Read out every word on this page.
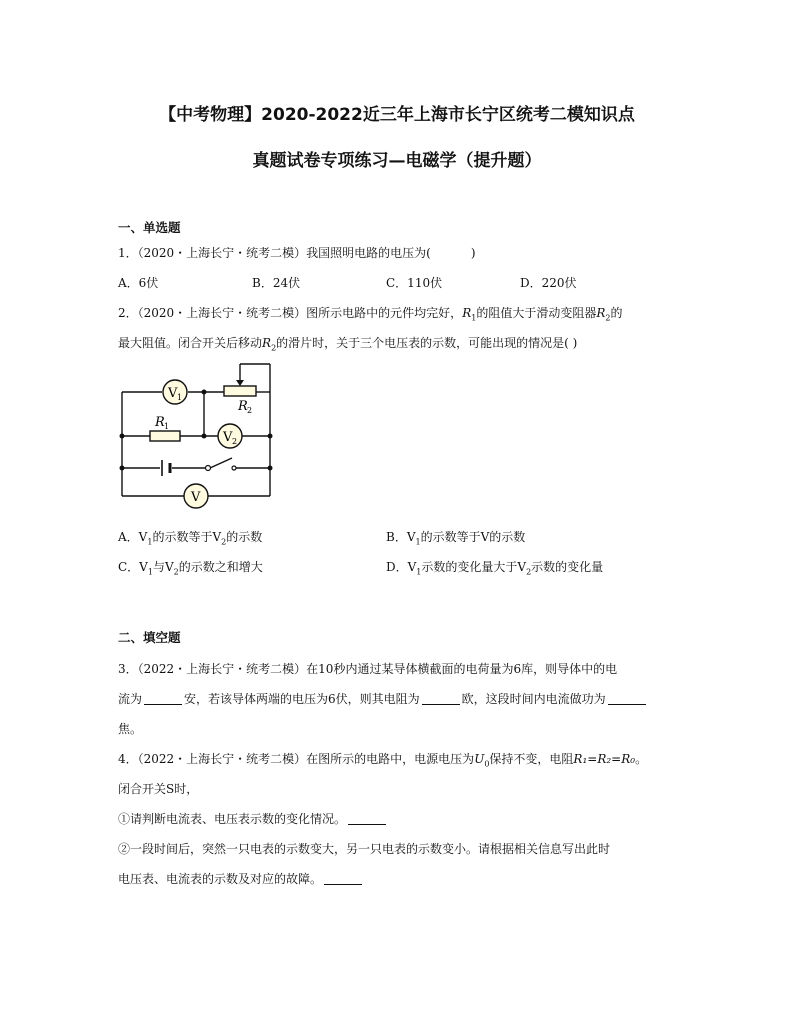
【中考物理】2020-2022近三年上海市长宁区统考二模知识点
真题试卷专项练习—电磁学（提升题）
一、单选题
1．（2020・上海长宁・统考二模）我国照明电路的电压为(	)
A．6伏	B．24伏	C．110伏	D．220伏
2．（2020・上海长宁・统考二模）图所示电路中的元件均完好，$R_1$的阻值大于滑动变阻器$R_2$的
最大阻值。闭合开关后移动$R_2$的滑片时，关于三个电压表的示数，可能出现的情况是( )
V 1
V 2
V
R 1
R 2
A．$V_1$的示数等于$V_2$的示数	B．$V_1$的示数等于V的示数
C．$V_1$与$V_2$的示数之和增大	D．$V_1$示数的变化量大于$V_2$示数的变化量
二、填空题
3．（2022・上海长宁・统考二模）在10秒内通过某导体横截面的电荷量为6库，则导体中的电
流为	安，若该导体两端的电压为6伏，则其电阻为	欧，这段时间内电流做功为
焦。
4．（2022・上海长宁・统考二模）在图所示的电路中，电源电压为$U_0$保持不变，电阻R₁=R₂=R₀。
闭合开关S时，
①请判断电流表、电压表示数的变化情况。
②一段时间后，突然一只电表的示数变大，另一只电表的示数变小。请根据相关信息写出此时
电压表、电流表的示数及对应的故障。
